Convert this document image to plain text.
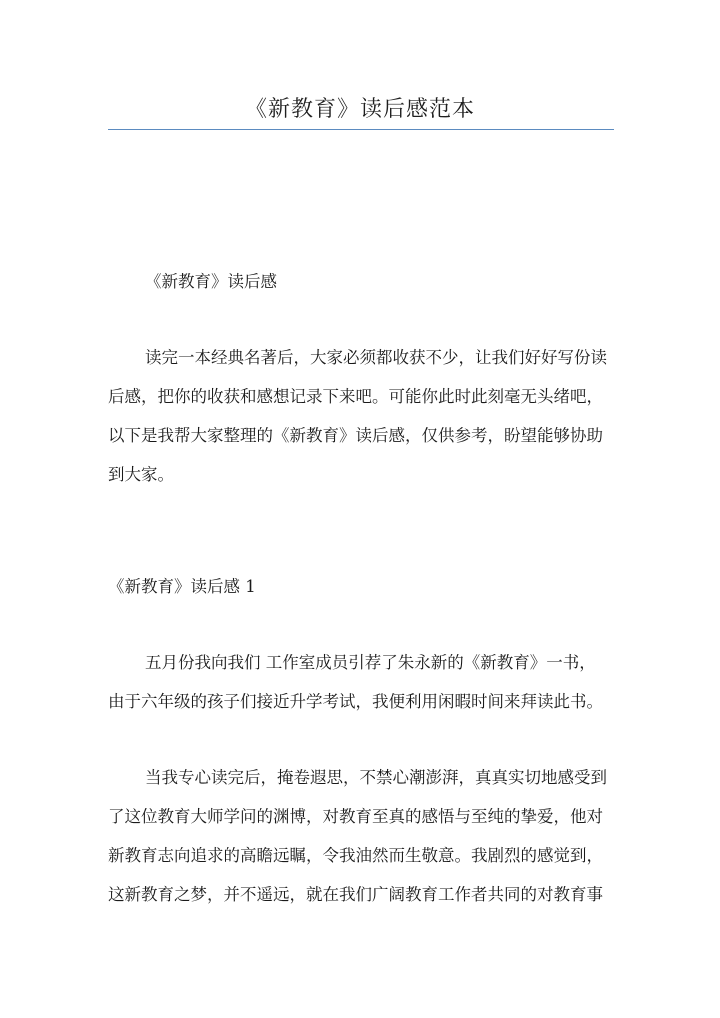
《新教育》读后感范本
《新教育》读后感
读完一本经典名著后，大家必须都收获不少，让我们好好写份读
后感，把你的收获和感想记录下来吧。可能你此时此刻毫无头绪吧，
以下是我帮大家整理的《新教育》读后感，仅供参考，盼望能够协助
到大家。
《新教育》读后感 1
五月份我向我们 工作室成员引荐了朱永新的《新教育》一书，
由于六年级的孩子们接近升学考试，我便利用闲暇时间来拜读此书。
当我专心读完后，掩卷遐思，不禁心潮澎湃，真真实切地感受到
了这位教育大师学问的渊博，对教育至真的感悟与至纯的挚爱，他对
新教育志向追求的高瞻远瞩，令我油然而生敬意。我剧烈的感觉到，
这新教育之梦，并不遥远，就在我们广阔教育工作者共同的对教育事
